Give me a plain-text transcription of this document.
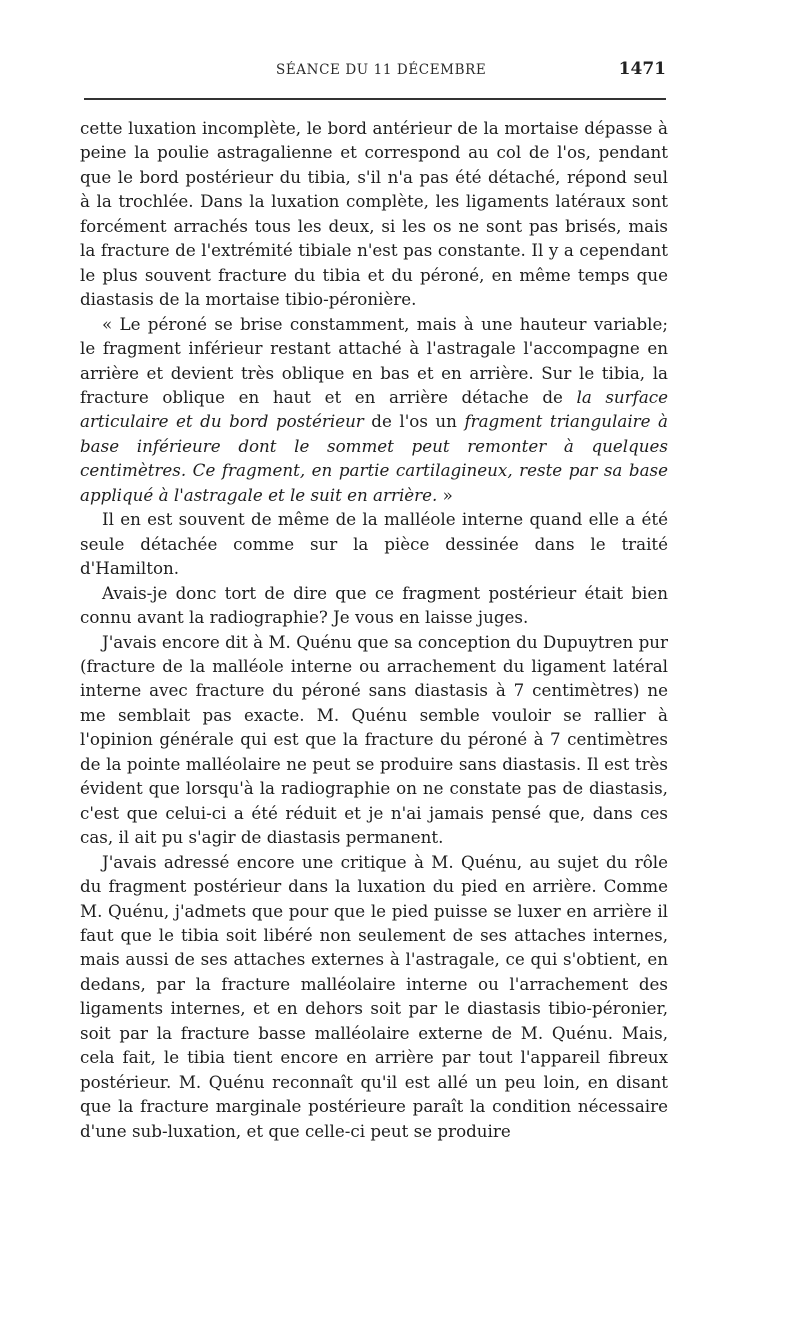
SÉANCE DU 11 DÉCEMBRE	1471

cette luxation incomplète, le bord antérieur de la mortaise dépasse à peine la poulie astragalienne et correspond au col de l'os, pendant que le bord postérieur du tibia, s'il n'a pas été détaché, répond seul à la trochlée. Dans la luxation complète, les ligaments latéraux sont forcément arrachés tous les deux, si les os ne sont pas brisés, mais la fracture de l'extrémité tibiale n'est pas constante. Il y a cependant le plus souvent fracture du tibia et du péroné, en même temps que diastasis de la mortaise tibio-péronière.

« Le péroné se brise constamment, mais à une hauteur variable; le fragment inférieur restant attaché à l'astragale l'accompagne en arrière et devient très oblique en bas et en arrière. Sur le tibia, la fracture oblique en haut et en arrière détache de la surface articulaire et du bord postérieur de l'os un fragment triangulaire à base inférieure dont le sommet peut remonter à quelques centimètres. Ce fragment, en partie cartilagineux, reste par sa base appliqué à l'astragale et le suit en arrière. »

Il en est souvent de même de la malléole interne quand elle a été seule détachée comme sur la pièce dessinée dans le traité d'Hamilton.

Avais-je donc tort de dire que ce fragment postérieur était bien connu avant la radiographie? Je vous en laisse juges.

J'avais encore dit à M. Quénu que sa conception du Dupuytren pur (fracture de la malléole interne ou arrachement du ligament latéral interne avec fracture du péroné sans diastasis à 7 centimètres) ne me semblait pas exacte. M. Quénu semble vouloir se rallier à l'opinion générale qui est que la fracture du péroné à 7 centimètres de la pointe malléolaire ne peut se produire sans diastasis. Il est très évident que lorsqu'à la radiographie on ne constate pas de diastasis, c'est que celui-ci a été réduit et je n'ai jamais pensé que, dans ces cas, il ait pu s'agir de diastasis permanent.

J'avais adressé encore une critique à M. Quénu, au sujet du rôle du fragment postérieur dans la luxation du pied en arrière. Comme M. Quénu, j'admets que pour que le pied puisse se luxer en arrière il faut que le tibia soit libéré non seulement de ses attaches internes, mais aussi de ses attaches externes à l'astragale, ce qui s'obtient, en dedans, par la fracture malléolaire interne ou l'arrachement des ligaments internes, et en dehors soit par le diastasis tibio-péronier, soit par la fracture basse malléolaire externe de M. Quénu. Mais, cela fait, le tibia tient encore en arrière par tout l'appareil fibreux postérieur. M. Quénu reconnaît qu'il est allé un peu loin, en disant que la fracture marginale postérieure paraît la condition nécessaire d'une sub-luxation, et que celle-ci peut se produire
